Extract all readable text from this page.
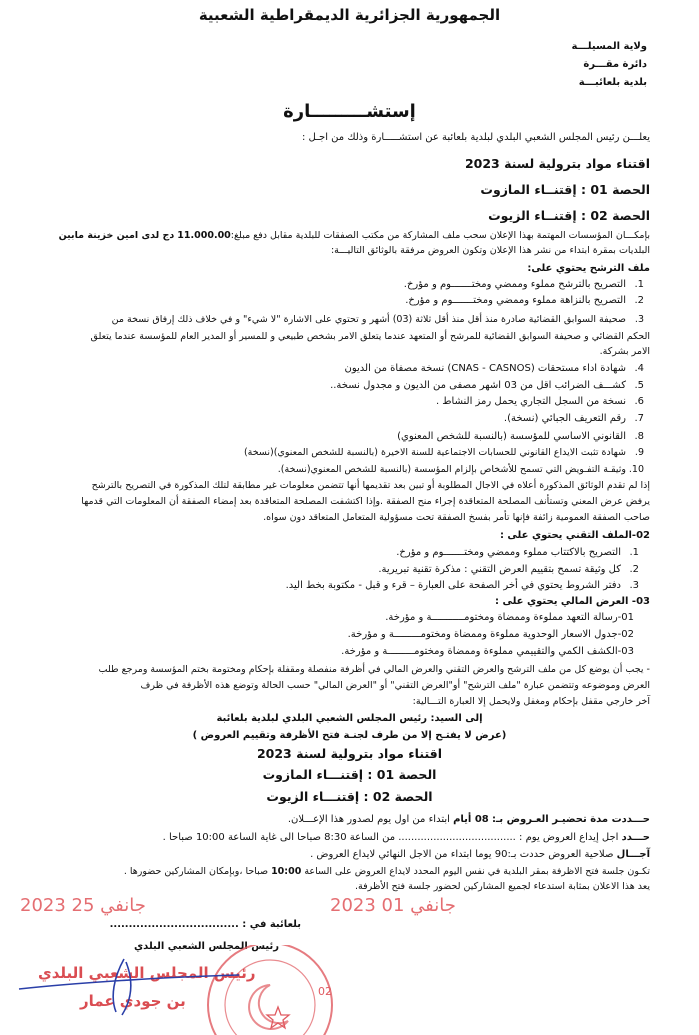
الجمهورية الجزائرية الديمقراطية الشعبية
ولاية المسيلـــة
دائرة مقـــرة
بلدية بلعائبـــة
إستشـــــــــارة
يعلـــن رئيس المجلس الشعبي البلدي لبلدية بلعائبة عن استشـــــارة وذلك من اجـل :
اقتناء مواد بترولية لسنة 2023
الحصة 01 : إقتنــاء المازوت
الحصة 02 : إقتنــاء الزيوت
بإمكـــان المؤسسات المهتمة بهذا الإعلان سحب ملف المشاركة من مكتب الصفقات للبلدية مقابل دفع مبلغ:11.000.00 دج لدى امين خزينة مابين
البلديات بمقرة ابتداء من نشر هذا الإعلان وتكون العروض مرفقة بالوثائق التاليـــة:
ملف الترشح يحتوي على:
1.التصريح بالترشح مملوء وممضي ومختـــــــوم و مؤرخ.
2.التصريح بالنزاهة مملوء وممضي ومختـــــــوم و مؤرخ.
3.صحيفة السوابق القضائية صادرة منذ أقل منذ أقل ثلاثة (03) أشهر و تحتوي على الاشارة "لا شيء" و في خلاف ذلك إرفاق نسخة من
4.شهادة اداء مستحقات (CNAS - CASNOS) نسخة مصفاة من الديون
5.كشـــف الضرائب اقل من 03 اشهر مصفى من الديون و مجدول نسخة..
6.نسخة من السجل التجاري يحمل رمز النشاط .
7.رقم التعريف الجبائي (نسخة).
8.القانوني الاساسي للمؤسسة (بالنسبة للشخص المعنوي)
9.شهادة تثبت الايداع القانوني للحسابات الاجتماعية للسنة الاخيرة (بالنسبة للشخص المعنوي)(نسخة)
10.وثيقـة التفـويض التي تسمح للأشخاص بإلزام المؤسسة (بالنسبة للشخص المعنوي(نسخة).
الحكم القضائي و صحيفة السوابق القضائية للمرشح أو المتعهد عندما يتعلق الامر بشخص طبيعي و للمسير أو المدير العام للمؤسسة عندما يتعلق
الامر بشركة.
إذا لم تقدم الوثائق المذكورة أعلاه في الاجال المطلوبة أو تبين بعد تقديمها أنها تتضمن معلومات غير مطابقة لتلك المذكورة في التصريح بالترشح
يرفض عرض المعني وتستأنف المصلحة المتعاقدة إجراء منح الصفقة .وإذا اكتشفت المصلحة المتعاقدة بعد إمضاء الصفقة أن المعلومات التي قدمها
صاحب الصفقة العمومية زائفة فإنها تأمر بفسخ الصفقة تحت مسؤولية المتعامل المتعاقد دون سواه.
02-الملف التقني يحتوي على :
1.التصريح بالاكتتاب مملوء وممضي ومختـــــــوم و مؤرخ.
2.كل وثيقة تسمح بتقييم العرض التقني : مذكرة تقنية تبريرية.
3.دفتر الشروط يحتوي في أخر الصفحة على العبارة – قرء و قبل - مكتوبة بخط اليد.
03- العرض المالي يحتوي على :
01-رسالة التعهد مملوءة وممضاة ومختومـــــــــــة و مؤرخة.
02-جدول الاسعار الوحدوية مملوءة وممضاة ومختومـــــــــة و مؤرخة.
03-الكشف الكمي والتقييمي مملوءة وممضاة ومختومـــــــــة و مؤرخة.
- يجب أن يوضع كل من ملف الترشح والعرض التقني والعرض المالي في أظرفة منفصلة ومقفلة بإحكام ومختومة بختم المؤسسة ومرجع طلب
العرض وموضوعه وتتضمن عبارة "ملف الترشح" أو"العرض التقني" أو "العرض المالي" حسب الحالة وتوضع هذه الأظرفة في ظرف
آخر خارجي مقفل بإحكام ومغفل ولايحمل إلا العبارة التـــالية:
إلى السيد: رئيس المجلس الشعبي البلدي لبلدية بلعائبة
(عرض لا يفتـح إلا من طرف لجنـة فتح الأظرفة وتقييم العروض )
اقتناء مواد بترولية لسنة 2023
الحصة 01 : إقتنـــاء المازوت
الحصة 02 : إقتنـــاء الزيوت
حـــددت مدة تحضيـر العـروض بـ: 08 أيام ابتداء من اول يوم لصدور هذا الإعـــلان.
حـــدد اجل إيداع العروض يوم : ..................................... من الساعة 8:30 صباحا الى غاية الساعة 10:00 صباحا .
آجـــال صلاحية العروض حددت بـ:90 يوما ابتداء من الاجل النهائي لايداع العروض .
تكـون جلسة فتح الاظرفة بمقر البلدية في نفس اليوم المحدد لايداع العروض على الساعة 10:00 صباحا ،وبإمكان المشاركين حضورها .
يعد هذا الاعلان بمثابة استدعاء لجميع المشاركين لحضور جلسة فتح الأظرفة.
2023 جانفي 25	2023 جانفي 01
بلعائبة في : ..................................
رئيس المجلس الشعبي البلدي
02
رئيس المجلس الشعبي البلدي
بن جودي عمار
